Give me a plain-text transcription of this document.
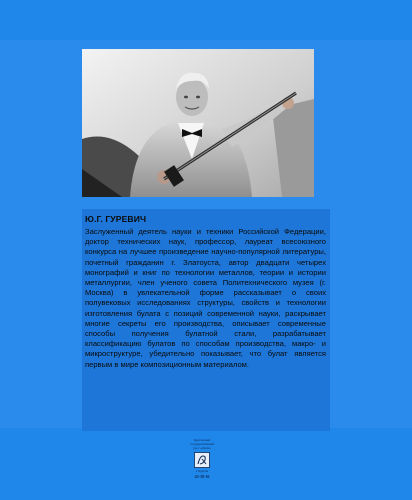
Ю.Г. ГУРЕВИЧ

Заслуженный деятель науки и техники Российской Федерации, доктор технических наук, профессор, лауреат всесоюзного конкурса на лучшее произведение научно-популярной литературы, почетный гражданин г. Златоуста, автор двадцати четырех монографий и книг по технологии металлов, теории и истории металлургии, член ученого совета Политехнического музея (г. Москва) в увлекательной форме рассказывает о своих полувековых исследованиях структуры, свойств и технологии изготовления булата с позиций современной науки, раскрывает многие секреты его производства, описывает современные способы получения булатной стали, разрабатывает классификацию булатов по способам производства, макро- и микроструктуре, убедительно показывает, что булат является первым в мире композиционным материалом.

Курганский
государственный
ун-т «Деліґ»
г. Курган
43-38-36
